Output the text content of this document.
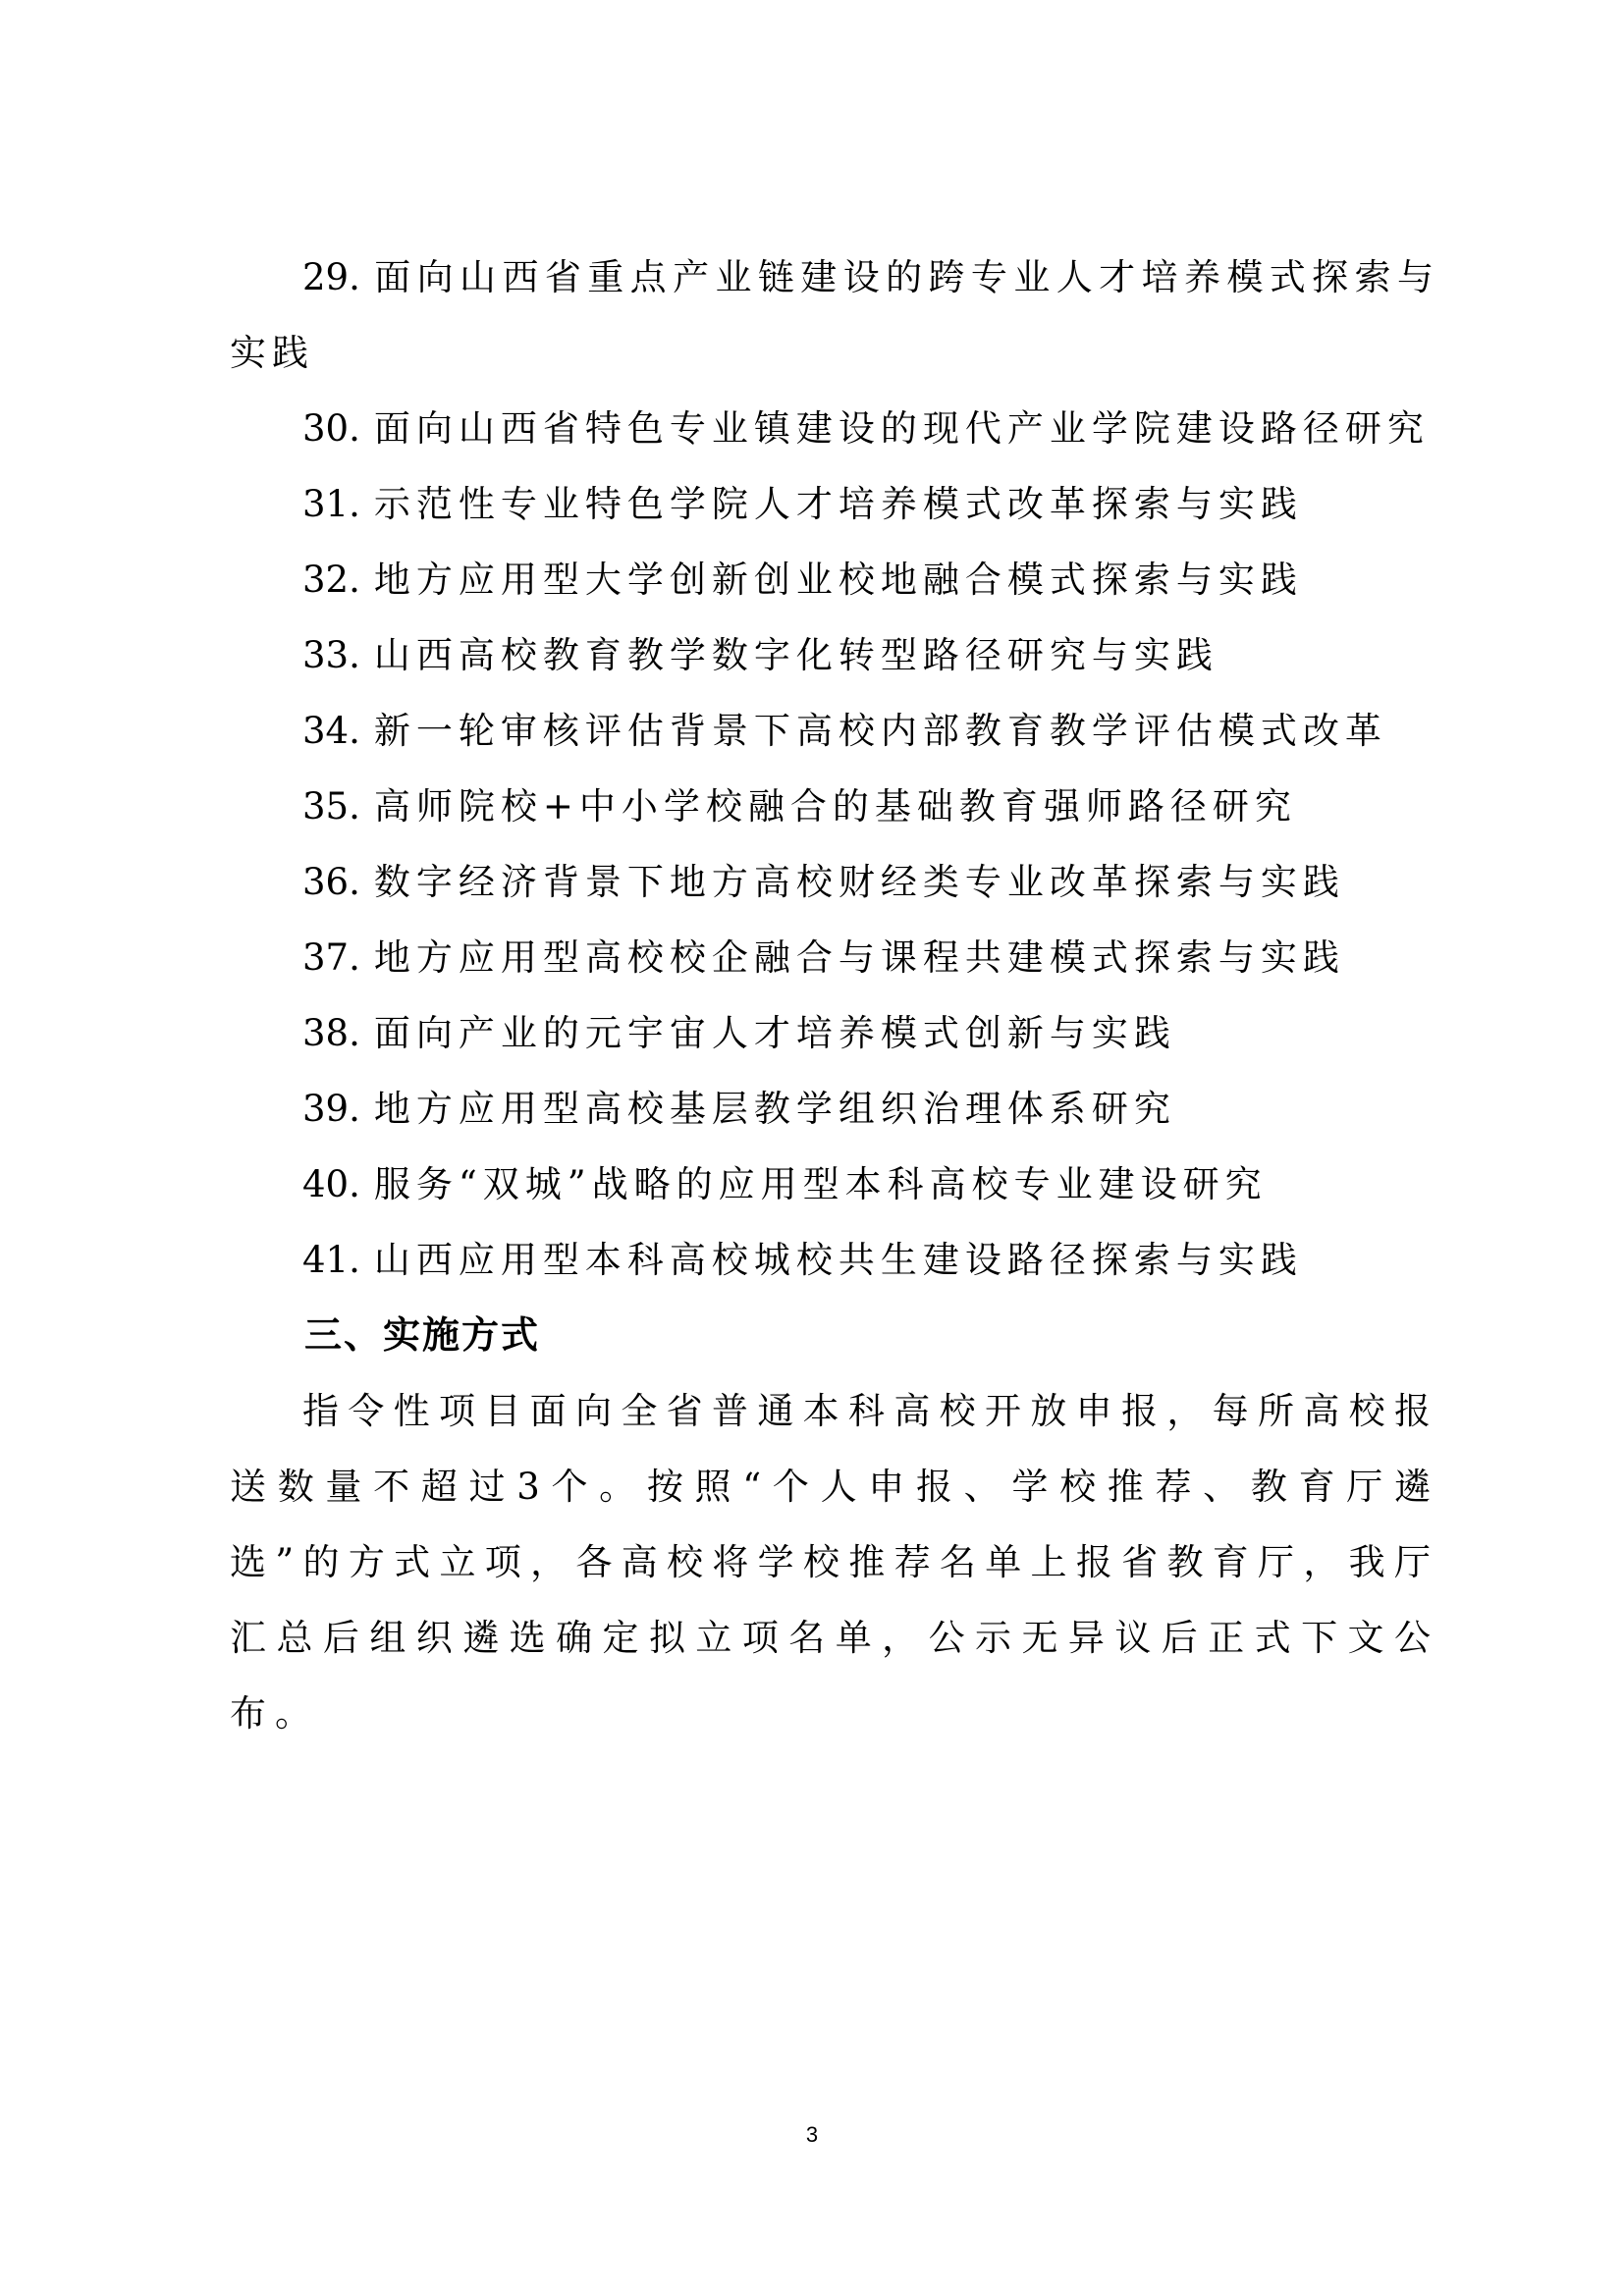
29. 面向山西省重点产业链建设的跨专业人才培养模式探索与实践

30. 面向山西省特色专业镇建设的现代产业学院建设路径研究

31. 示范性专业特色学院人才培养模式改革探索与实践

32. 地方应用型大学创新创业校地融合模式探索与实践

33. 山西高校教育教学数字化转型路径研究与实践

34. 新一轮审核评估背景下高校内部教育教学评估模式改革

35. 高师院校+中小学校融合的基础教育强师路径研究

36. 数字经济背景下地方高校财经类专业改革探索与实践

37. 地方应用型高校校企融合与课程共建模式探索与实践

38. 面向产业的元宇宙人才培养模式创新与实践

39. 地方应用型高校基层教学组织治理体系研究

40. 服务“双城”战略的应用型本科高校专业建设研究

41. 山西应用型本科高校城校共生建设路径探索与实践

三、实施方式

指令性项目面向全省普通本科高校开放申报，每所高校报送数量不超过3个。按照“个人申报、学校推荐、教育厅遴选”的方式立项，各高校将学校推荐名单上报省教育厅，我厅汇总后组织遴选确定拟立项名单，公示无异议后正式下文公布。

3
